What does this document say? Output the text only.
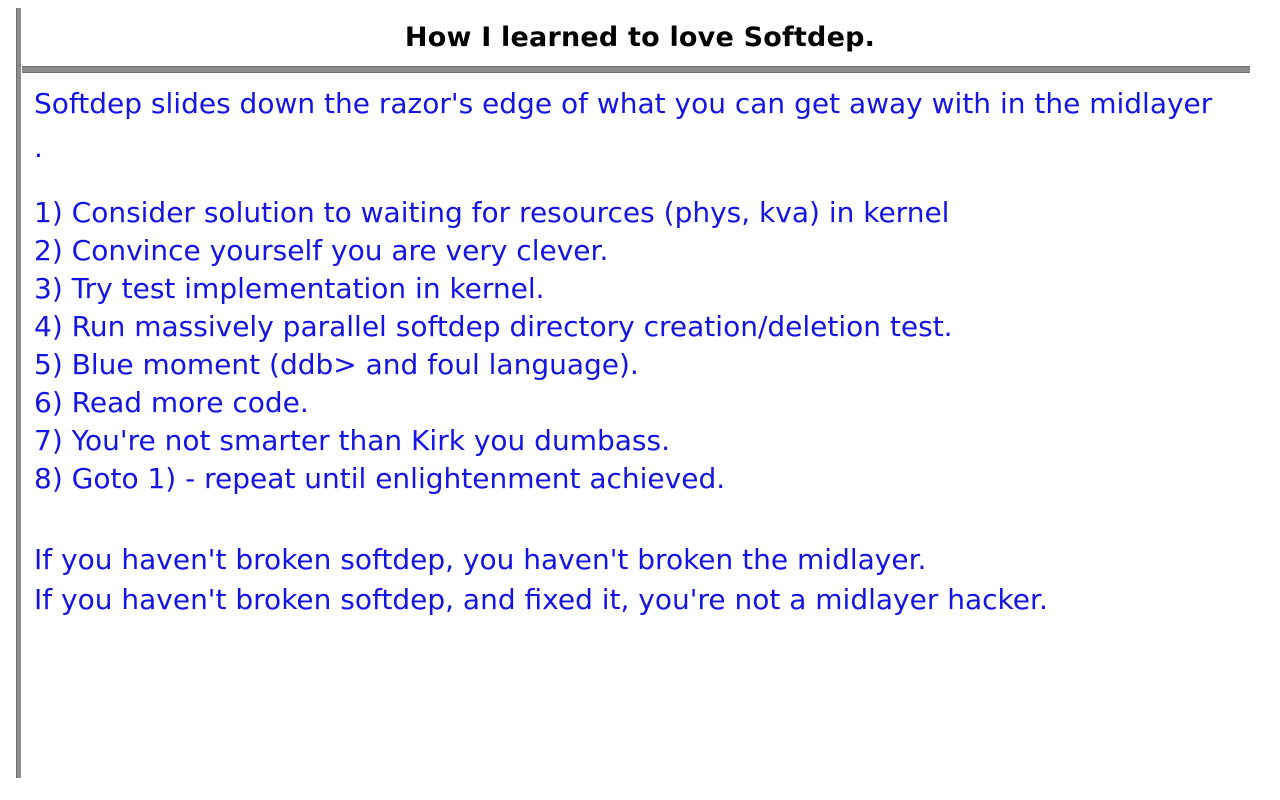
How I learned to love Softdep.
Softdep slides down the razor's edge of what you can get away with in the midlayer
.
1) Consider solution to waiting for resources (phys, kva) in kernel
2) Convince yourself you are very clever.
3) Try test implementation in kernel.
4) Run massively parallel softdep directory creation/deletion test.
5) Blue moment (ddb> and foul language).
6) Read more code.
7) You're not smarter than Kirk you dumbass.
8) Goto 1) - repeat until enlightenment achieved.

If you haven't broken softdep, you haven't broken the midlayer.

If you haven't broken softdep, and fixed it, you're not a midlayer hacker.
